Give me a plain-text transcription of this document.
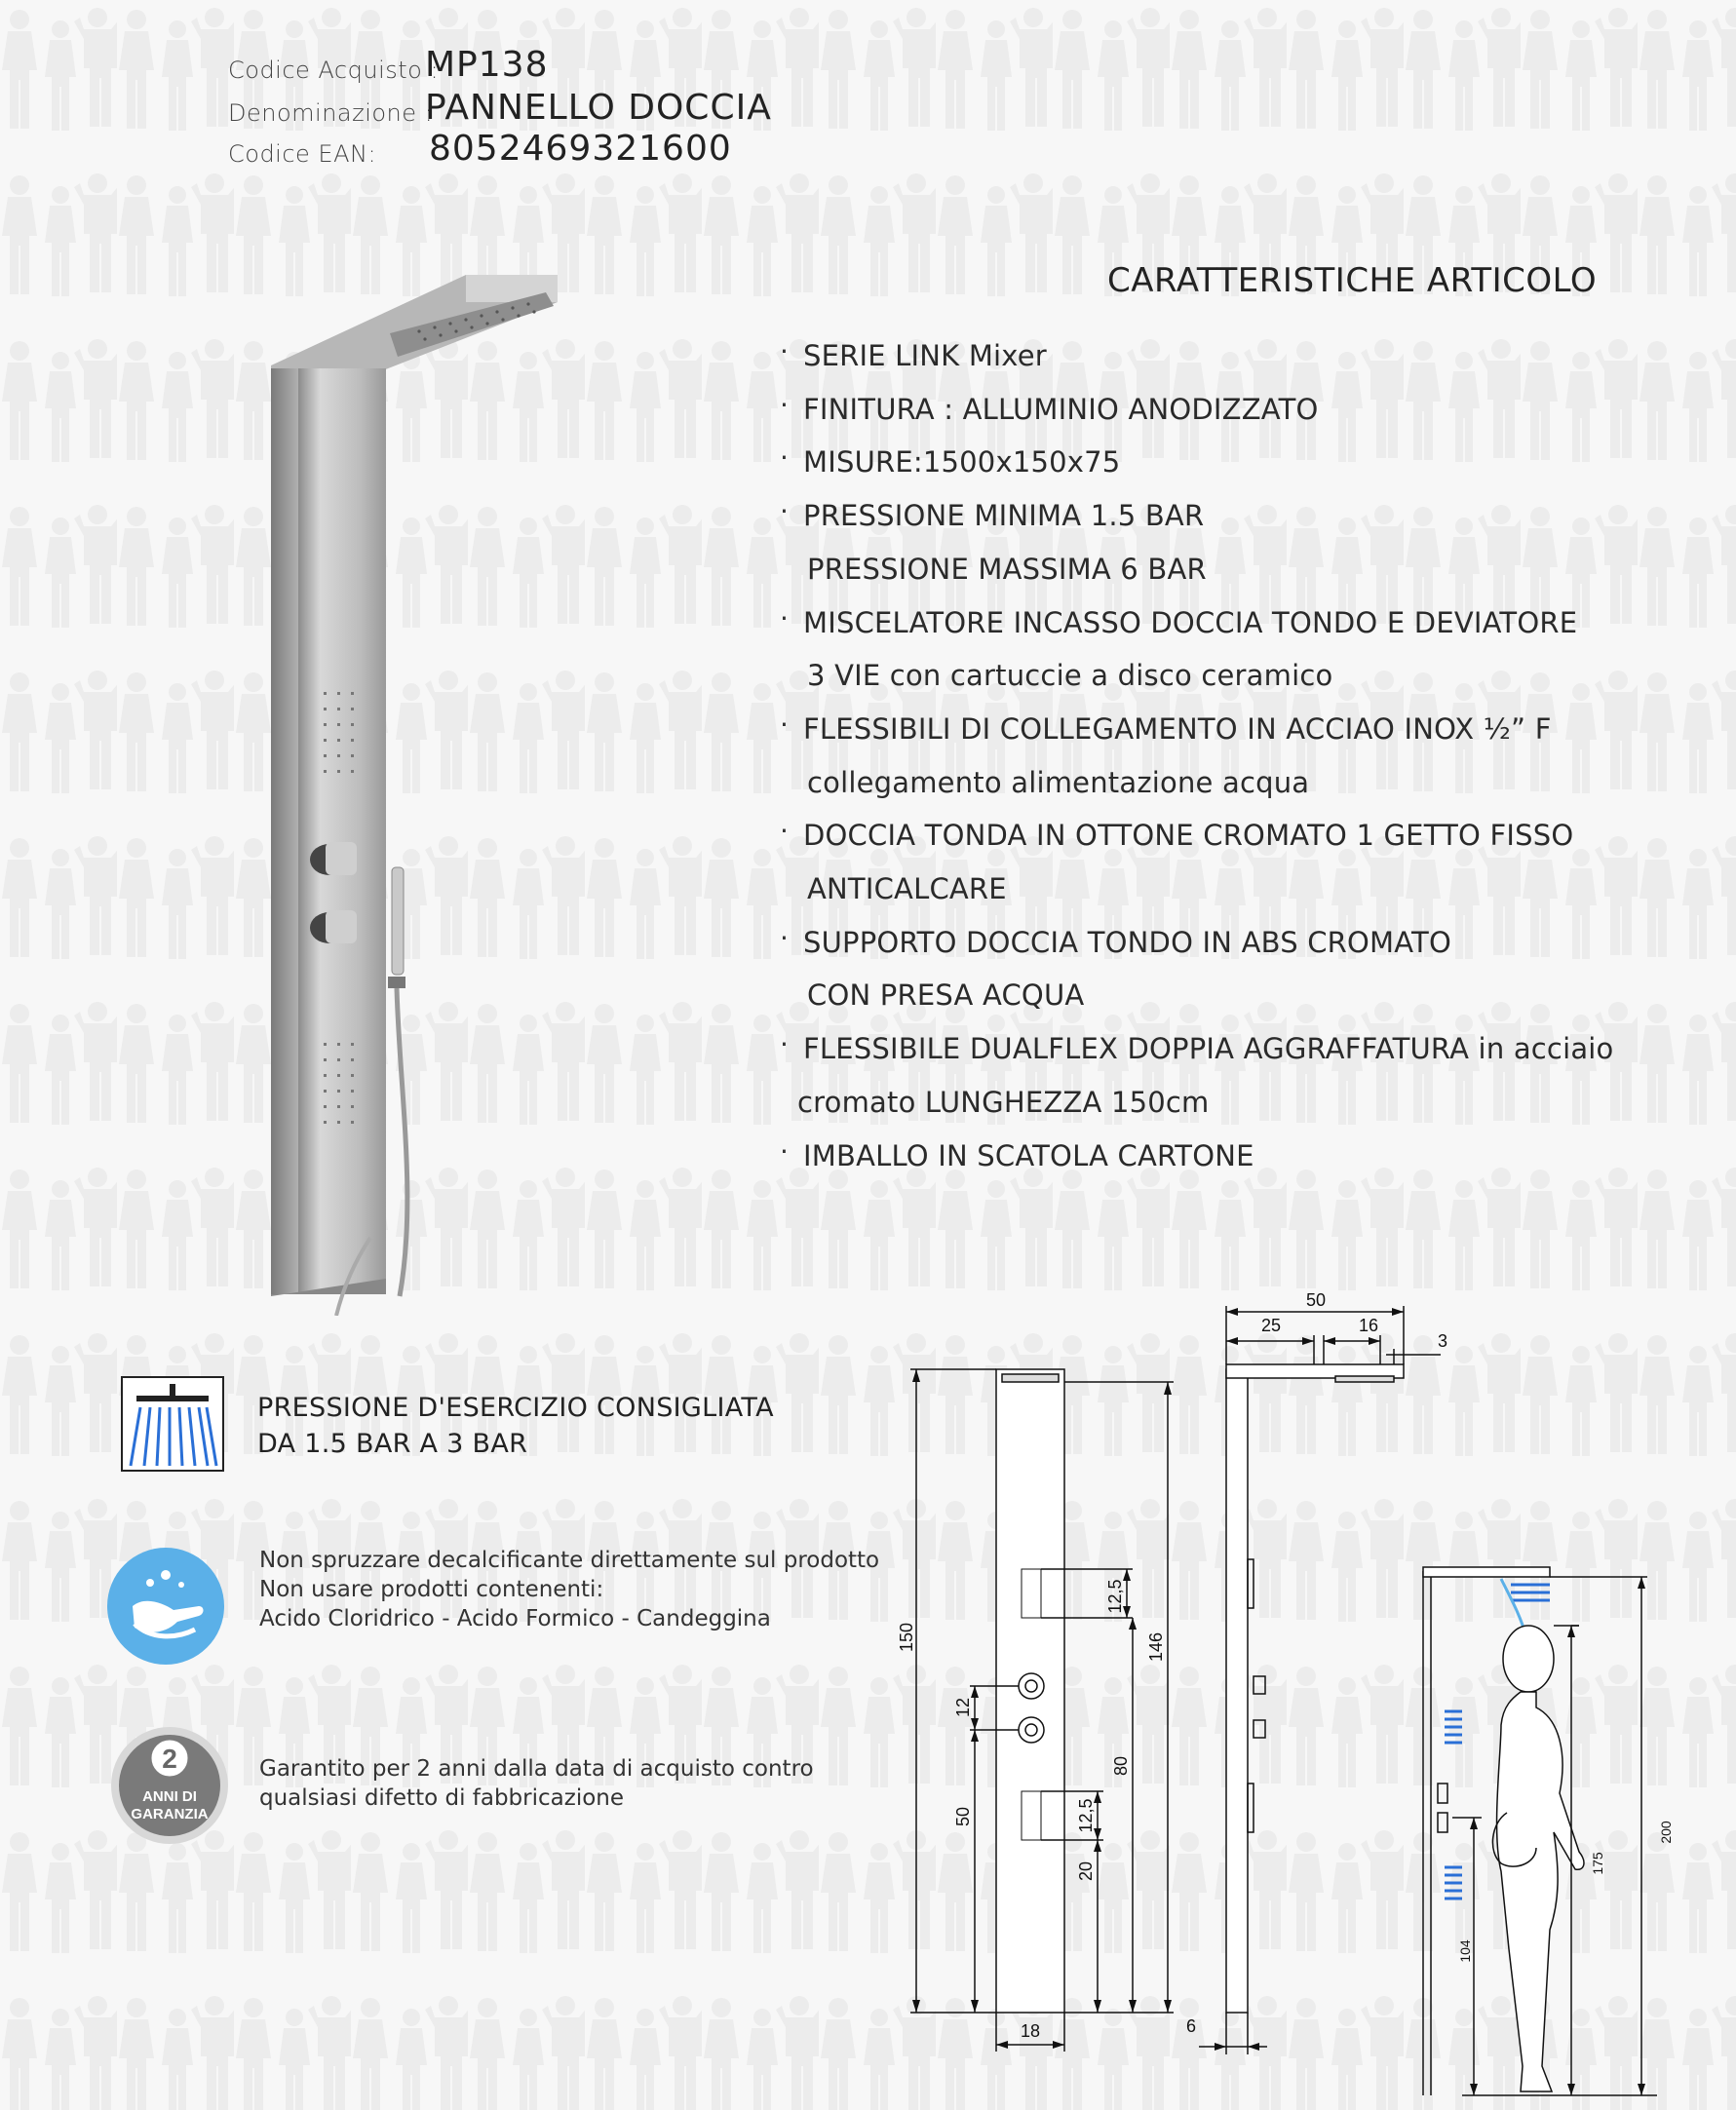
Codice Acquisto :
MP138
Denominazione :
PANNELLO DOCCIA
Codice EAN: 8052469321600
CARATTERISTICHE ARTICOLO
· SERIE LINK Mixer
· FINITURA : ALLUMINIO ANODIZZATO
· MISURE:1500x150x75
· PRESSIONE MINIMA 1.5 BAR
PRESSIONE MASSIMA 6 BAR
· MISCELATORE INCASSO DOCCIA TONDO E DEVIATORE
3 VIE con cartuccie a disco ceramico
· FLESSIBILI DI COLLEGAMENTO IN ACCIAO INOX ½” F
collegamento alimentazione acqua
· DOCCIA TONDA IN OTTONE CROMATO 1 GETTO FISSO
ANTICALCARE
· SUPPORTO DOCCIA TONDO IN ABS CROMATO
CON PRESA ACQUA
· FLESSIBILE DUALFLEX DOPPIA AGGRAFFATURA in acciaio
cromato LUNGHEZZA 150cm
· IMBALLO IN SCATOLA CARTONE
PRESSIONE D'ESERCIZIO CONSIGLIATA
DA 1.5 BAR A 3 BAR
Non spruzzare decalcificante direttamente sul prodotto
Non usare prodotti contenenti:
Acido Cloridrico - Acido Formico - Candeggina
2
ANNI DI
GARANZIA
Garantito per 2 anni dalla data di acquisto contro
qualsiasi difetto di fabbricazione
150	146
12,5
80
12
50	12,5
20
18
50
25	16
3
6
200
175
104
